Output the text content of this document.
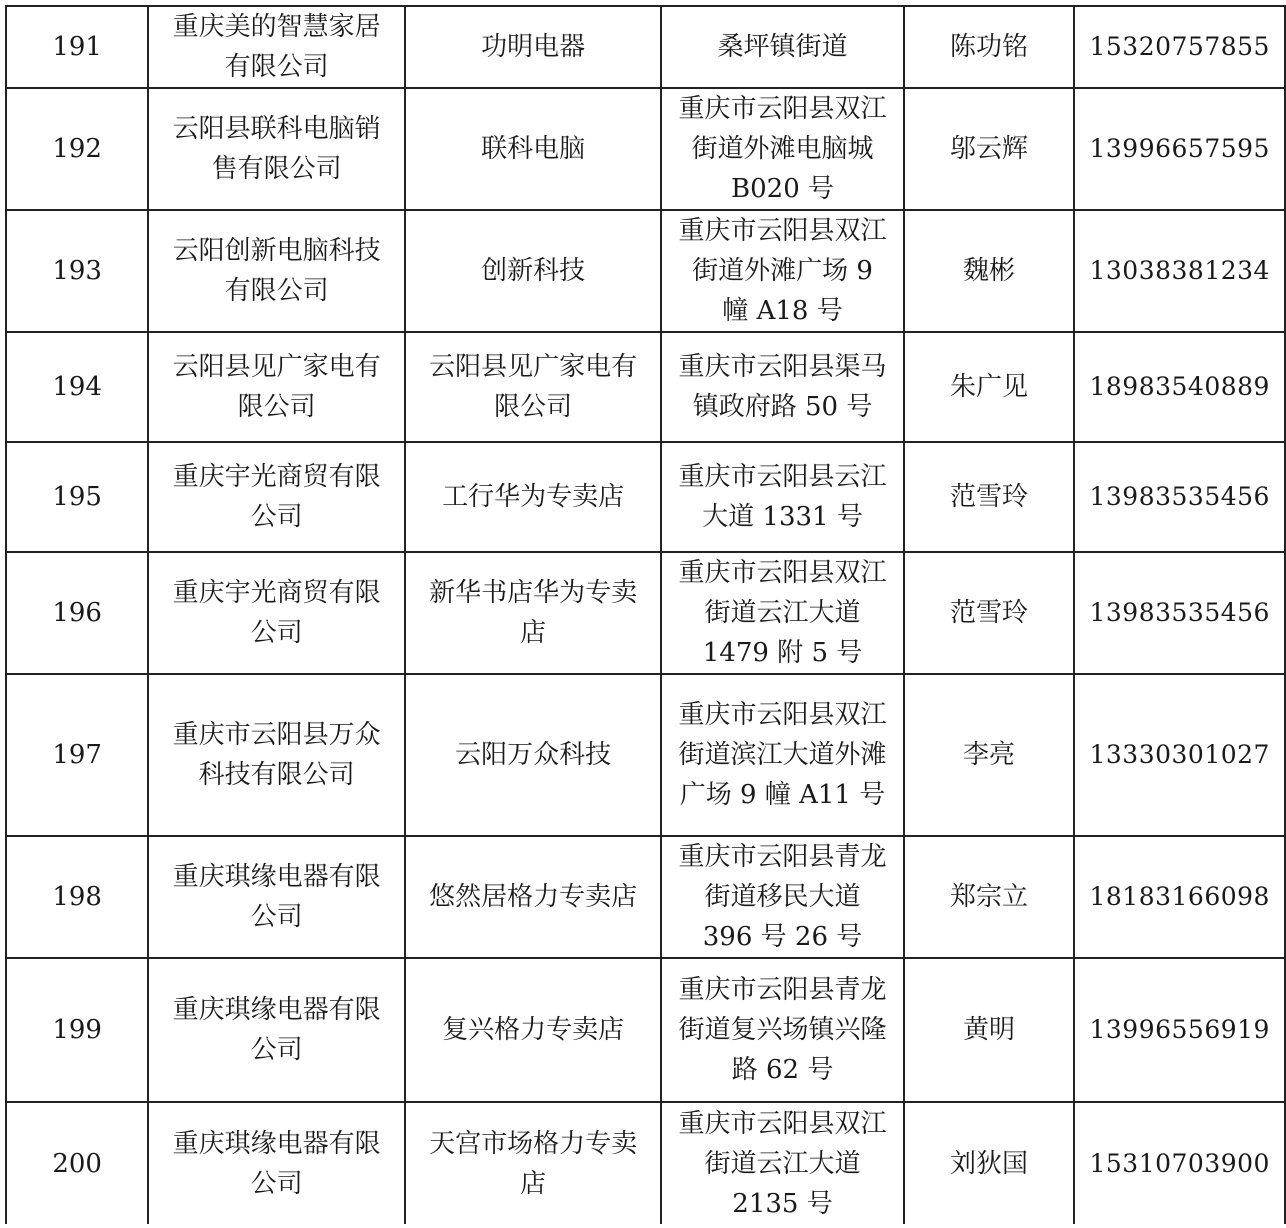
191	重庆美的智慧家居有限公司	功明电器	桑坪镇街道	陈功铭	15320757855
192	云阳县联科电脑销售有限公司	联科电脑	重庆市云阳县双江街道外滩电脑城 B020 号	邬云辉	13996657595
193	云阳创新电脑科技有限公司	创新科技	重庆市云阳县双江街道外滩广场 9 幢 A18 号	魏彬	13038381234
194	云阳县见广家电有限公司	云阳县见广家电有限公司	重庆市云阳县渠马镇政府路 50 号	朱广见	18983540889
195	重庆宇光商贸有限公司	工行华为专卖店	重庆市云阳县云江大道 1331 号	范雪玲	13983535456
196	重庆宇光商贸有限公司	新华书店华为专卖店	重庆市云阳县双江街道云江大道 1479 附 5 号	范雪玲	13983535456
197	重庆市云阳县万众科技有限公司	云阳万众科技	重庆市云阳县双江街道滨江大道外滩广场 9 幢 A11 号	李亮	13330301027
198	重庆琪缘电器有限公司	悠然居格力专卖店	重庆市云阳县青龙街道移民大道 396 号 26 号	郑宗立	18183166098
199	重庆琪缘电器有限公司	复兴格力专卖店	重庆市云阳县青龙街道复兴场镇兴隆路 62 号	黄明	13996556919
200	重庆琪缘电器有限公司	天宫市场格力专卖店	重庆市云阳县双江街道云江大道 2135 号	刘狄国	15310703900
